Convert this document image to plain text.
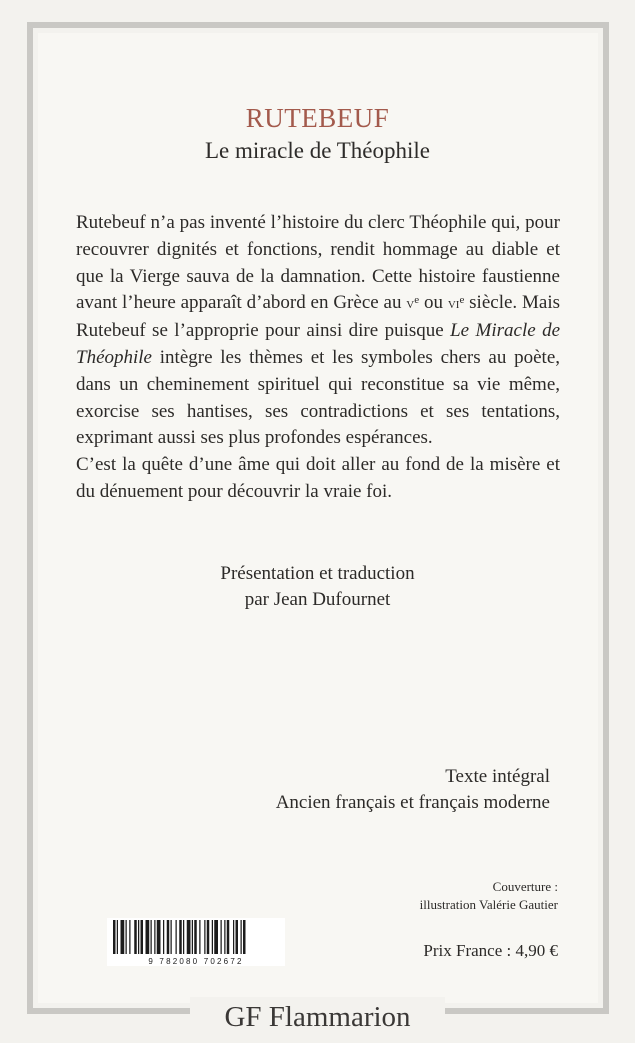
RUTEBEUF
Le miracle de Théophile

Rutebeuf n’a pas inventé l’histoire du clerc Théophile qui, pour recouvrer dignités et fonctions, rendit hommage au diable et que la Vierge sauva de la damnation. Cette histoire faustienne avant l’heure apparaît d’abord en Grèce au $v^e$ ou $vi^e$ siècle. Mais Rutebeuf se l’approprie pour ainsi dire puisque Le Miracle de Théophile intègre les thèmes et les symboles chers au poète, dans un cheminement spirituel qui reconstitue sa vie même, exorcise ses hantises, ses contradictions et ses tentations, exprimant aussi ses plus profondes espérances.

C’est la quête d’une âme qui doit aller au fond de la misère et du dénuement pour découvrir la vraie foi.

Présentation et traduction
par Jean Dufournet
Texte intégral
Ancien français et français moderne
Couverture :
illustration Valérie Gautier
9 782080 702672
Prix France : 4,90 €
GF Flammarion
